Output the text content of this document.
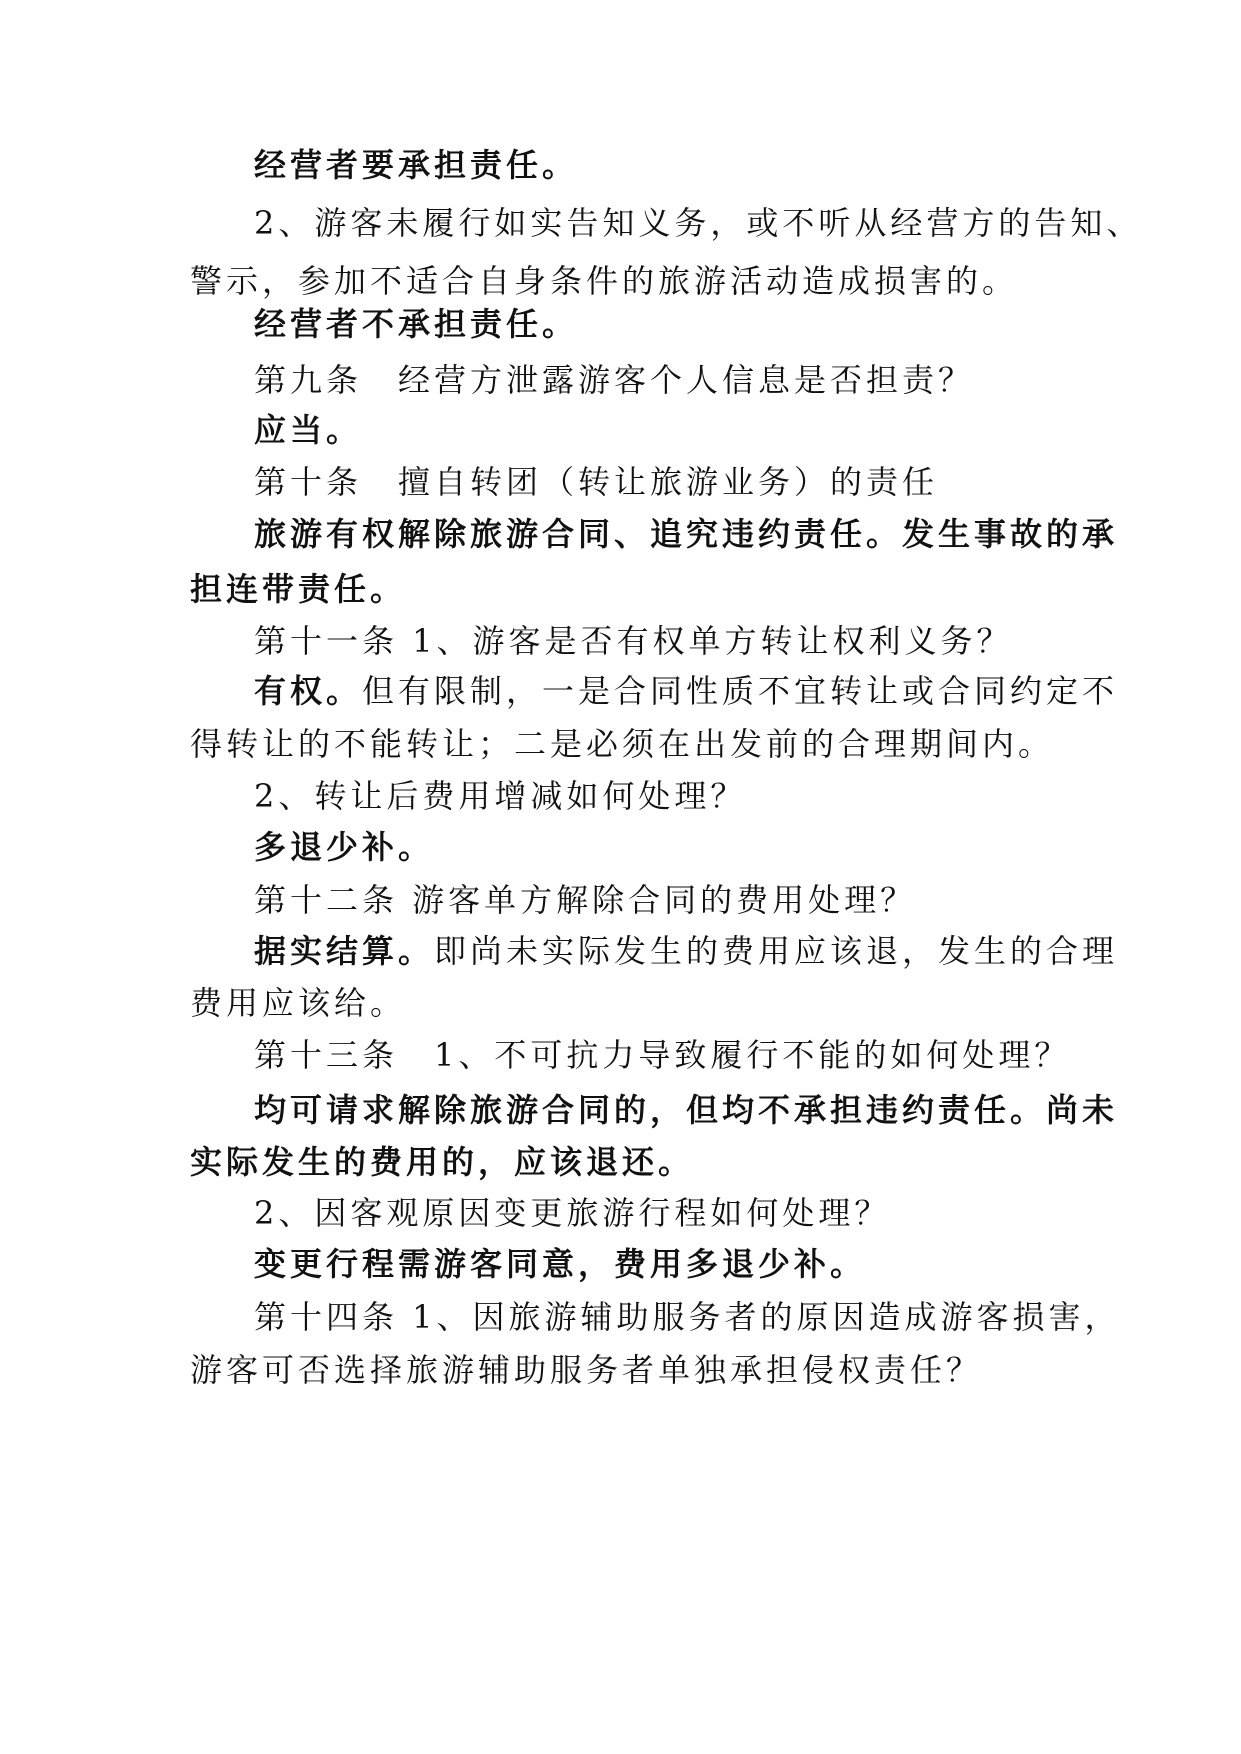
经营者要承担责任。
2、游客未履行如实告知义务，或不听从经营方的告知、
警示，参加不适合自身条件的旅游活动造成损害的。
经营者不承担责任。
第九条　经营方泄露游客个人信息是否担责？
应当。
第十条　擅自转团（转让旅游业务）的责任
旅游有权解除旅游合同、追究违约责任。发生事故的承
担连带责任。
第十一条 1、游客是否有权单方转让权利义务？
有权。但有限制，一是合同性质不宜转让或合同约定不
得转让的不能转让；二是必须在出发前的合理期间内。
2、转让后费用增减如何处理？
多退少补。
第十二条 游客单方解除合同的费用处理？
据实结算。即尚未实际发生的费用应该退，发生的合理
费用应该给。
第十三条　1、不可抗力导致履行不能的如何处理？
均可请求解除旅游合同的，但均不承担违约责任。尚未
实际发生的费用的，应该退还。
2、因客观原因变更旅游行程如何处理？
变更行程需游客同意，费用多退少补。
第十四条 1、因旅游辅助服务者的原因造成游客损害，
游客可否选择旅游辅助服务者单独承担侵权责任？
